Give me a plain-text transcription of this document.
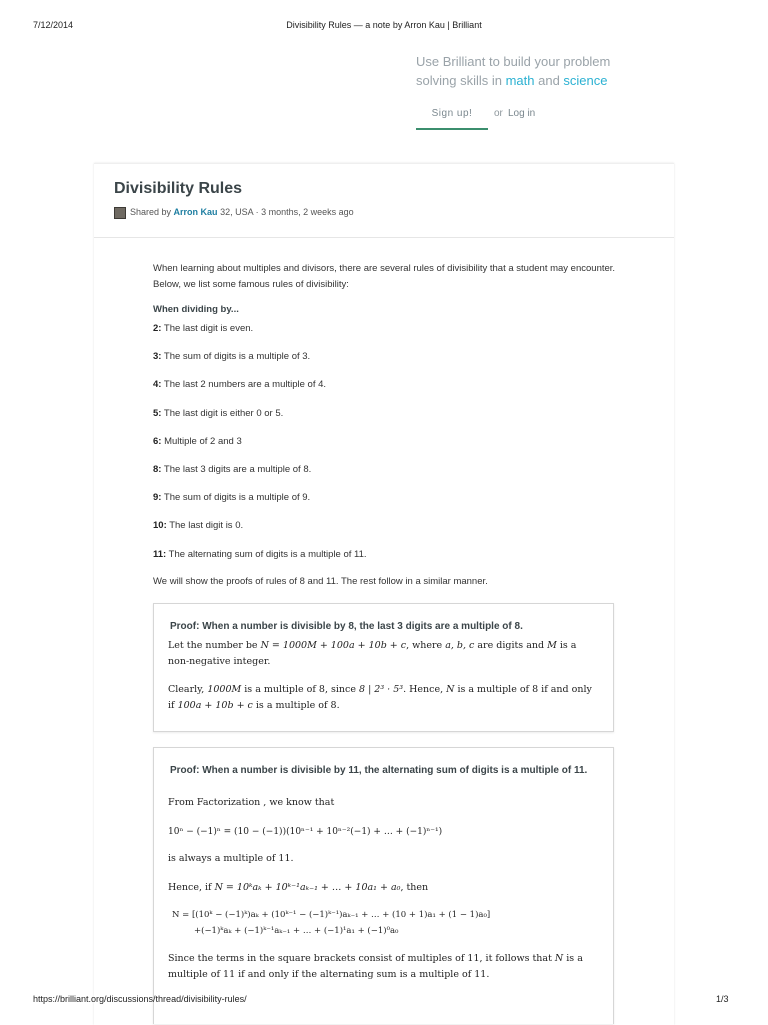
7/12/2014	Divisibility Rules — a note by Arron Kau | Brilliant
Use Brilliant to build your problem
solving skills in math and science
Sign up!	or Log in
Divisibility Rules
Shared by Arron Kau 32, USA · 3 months, 2 weeks ago
When learning about multiples and divisors, there are several rules of divisibility that a student may encounter. Below, we list some famous rules of divisibility:
When dividing by...
2: The last digit is even.
3: The sum of digits is a multiple of 3.
4: The last 2 numbers are a multiple of 4.
5: The last digit is either 0 or 5.
6: Multiple of 2 and 3
8: The last 3 digits are a multiple of 8.
9: The sum of digits is a multiple of 9.
10: The last digit is 0.
11: The alternating sum of digits is a multiple of 11.
We will show the proofs of rules of 8 and 11. The rest follow in a similar manner.
Proof: When a number is divisible by 8, the last 3 digits are a multiple of 8.
Let the number be N = 1000M + 100a + 10b + c, where a, b, c are digits and M is a non-negative integer.
Clearly, 1000M is a multiple of 8, since 8 | 2³ · 5³. Hence, N is a multiple of 8 if and only if 100a + 10b + c is a multiple of 8.
Proof: When a number is divisible by 11, the alternating sum of digits is a multiple of 11.
From Factorization , we know that
10ⁿ − (−1)ⁿ = (10 − (−1))(10ⁿ⁻¹ + 10ⁿ⁻²(−1) + … + (−1)ⁿ⁻¹)
is always a multiple of 11.
Hence, if N = 10ᵏaₖ + 10ᵏ⁻¹aₖ₋₁ + … + 10a₁ + a₀, then
N = [(10ᵏ − (−1)ᵏ)aₖ + (10ᵏ⁻¹ − (−1)ᵏ⁻¹)aₖ₋₁ + … + (10 + 1)a₁ + (1 − 1)a₀]
+(−1)ᵏaₖ + (−1)ᵏ⁻¹aₖ₋₁ + … + (−1)¹a₁ + (−1)⁰a₀
Since the terms in the square brackets consist of multiples of 11, it follows that N is a multiple of 11 if and only if the alternating sum is a multiple of 11.
https://brilliant.org/discussions/thread/divisibility-rules/	1/3
